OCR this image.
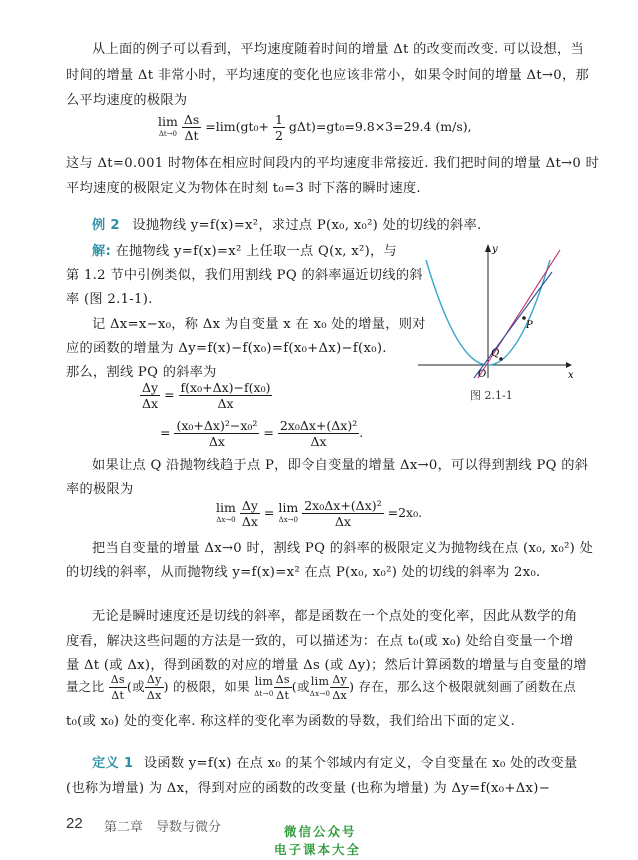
从上面的例子可以看到，平均速度随着时间的增量 Δt 的改变而改变. 可以设想，当
时间的增量 Δt 非常小时，平均速度的变化也应该非常小，如果令时间的增量 Δt→0，那
么平均速度的极限为
lim
Δt→0
$\frac{\Delta s}{\Delta t} =\lim(gt_0+ \frac{1}{2} g\Delta t)=gt_0=9.8\times 3=29.4$ (m/s),
这与 Δt=0.001 时物体在相应时间段内的平均速度非常接近. 我们把时间的增量 Δt→0 时
平均速度的极限定义为物体在时刻 t₀=3 时下落的瞬时速度.
例 2 设抛物线 y=f(x)=x²，求过点 P(x₀, x₀²) 处的切线的斜率.
解: 在抛物线 y=f(x)=x² 上任取一点 Q(x, x²)，与
第 1.2 节中引例类似，我们用割线 PQ 的斜率逼近切线的斜
率 (图 2.1-1).
记 Δx=x−x₀，称 Δx 为自变量 x 在 x₀ 处的增量，则对
应的函数的增量为 Δy=f(x)−f(x₀)=f(x₀+Δx)−f(x₀).
那么，割线 PQ 的斜率为
$\frac{\Delta y}{\Delta x} = \frac{\text{f(x₀+Δx)−f(x₀)}}{\Delta x}$
= $\frac{\text{(x₀+Δx)²−x₀²}}{\Delta x} = \frac{\text{2x₀Δx+(Δx)²}}{\Delta x}$ .
y
x
O
P
Q
图 2.1-1
如果让点 Q 沿抛物线趋于点 P，即令自变量的增量 Δx→0，可以得到割线 PQ 的斜
率的极限为
lim
Δx→0
$\frac{\Delta y}{\Delta x} = \lim$
Δx→0
$\frac{\text{2x₀Δx+(Δx)²}}{\Delta x} =2x_0$.
把当自变量的增量 Δx→0 时，割线 PQ 的斜率的极限定义为抛物线在点 (x₀, x₀²) 处
的切线的斜率，从而抛物线 y=f(x)=x² 在点 P(x₀, x₀²) 处的切线的斜率为 2x₀.
无论是瞬时速度还是切线的斜率，都是函数在一个点处的变化率，因此从数学的角
度看，解决这些问题的方法是一致的，可以描述为：在点 t₀(或 x₀) 处给自变量一个增
量 Δt (或 Δx)，得到函数的对应的增量 Δs (或 Δy)；然后计算函数的增量与自变量的增
量之比 $\frac{\Delta s}{\Delta t}$ (或 $\frac{\Delta y}{\Delta x}$ ) 的极限，如果 lim
$\Delta t\to 0 \frac{\Delta s}{\Delta t}$ (或lim
$\Delta x\to 0 \frac{\Delta y}{\Delta x}$ ) 存在，那么这个极限就刻画了函数在点
t₀(或 x₀) 处的变化率. 称这样的变化率为函数的导数，我们给出下面的定义.
定义 1 设函数 y=f(x) 在点 x₀ 的某个邻域内有定义，令自变量在 x₀ 处的改变量
(也称为增量) 为 Δx，得到对应的函数的改变量 (也称为增量) 为 Δy=f(x₀+Δx)−
22 第二章　导数与微分	微信公众号
电子课本大全
